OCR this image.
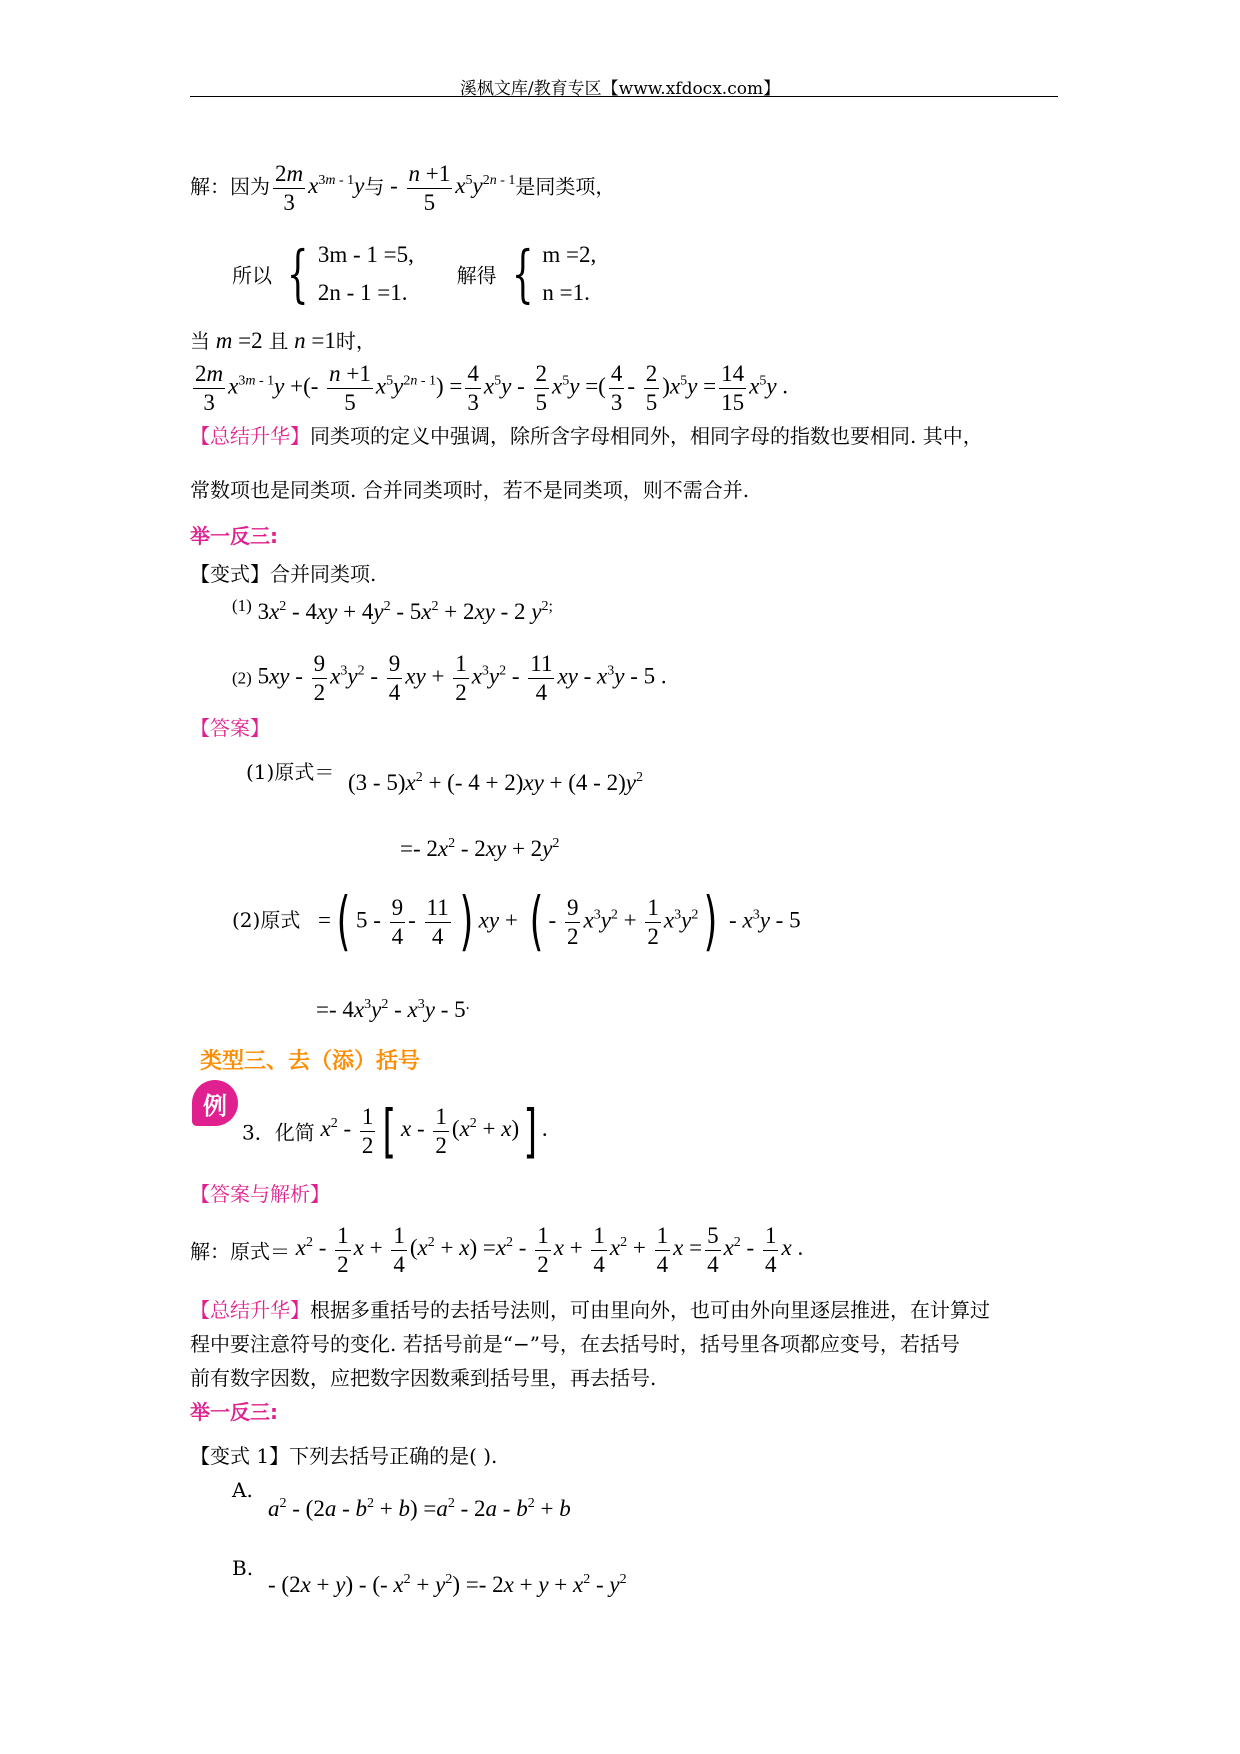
溪枫文库/教育专区【www.xfdocx.com】
解：因为 $\frac{2m}{3} x^{3m - 1}y$与 - $\frac{n +1}{5} x^5y^{2n - 1}$是同类项，
所以 { 3m - 1 =5,
2n - 1 =1.
解得 { m =2,
n =1.
当 m =2 且 n =1时，
$\frac{2m}{3} x^{3m - 1}y$ +(- $\frac{n +1}{5} x^5y^{2n - 1}) = \frac{4}{3} x^5y - \frac{2}{5} x^5y$ =( $\frac{4}{3} - \frac{2}{5} )x^5y = \frac{14}{15} x^5y$ .
【总结升华】同类项的定义中强调，除所含字母相同外，相同字母的指数也要相同. 其中，
常数项也是同类项. 合并同类项时，若不是同类项，则不需合并.
举一反三:
【变式】合并同类项.
$^{(1)}$ $3x^2 - 4xy + 4y^2 - 5x^2 + 2xy - 2$ $y^{2;}$
(2) $5xy - \frac{9}{2} x^3y^2 - \frac{9}{4}$ xy + $\frac{1}{2} x^3y^2 - \frac{11}{4}$ xy - $x^3y - 5$ .
【答案】
(1)原式＝ $(3 - 5)x^2$ + (- $4 + 2)xy + (4 - 2)y^2$
=- $2x^2 - 2xy + 2y^2$
(2)原式 =( $5 - \frac{9}{4} - \frac{11}{4}$ ) xy + ( - $\frac{9}{2} x^3y^2 + \frac{1}{2} x^3y^2) - x^3y - 5$
=- $4x^3y^2 - x^3y - 5^.$
类型三、去（添）括号
例
3．化简 $x^2 - \frac{1}{2}$ [ $x - \frac{1}{2} (x^2 + x)$] .
【答案与解析】
解：原式＝ $x^2 - \frac{1}{2}$ $x + \frac{1}{4} (x^2 + x) =x^2 - \frac{1}{2}$ $x + \frac{1}{4} x^2 + \frac{1}{4}$ $x = \frac{5}{4} x^2 - \frac{1}{4}$ x .
【总结升华】根据多重括号的去括号法则，可由里向外，也可由外向里逐层推进，在计算过
程中要注意符号的变化. 若括号前是“−”号，在去括号时，括号里各项都应变号，若括号
前有数字因数，应把数字因数乘到括号里，再去括号.
举一反三:
【变式 1】下列去括号正确的是( ).
A.
$a^2 - (2a - b^2 + b) =a^2 - 2a - b^2 + b$
B.
- (2x + y) - (- $x^2 + y^2) =- 2x + y + x^2 - y^2$
